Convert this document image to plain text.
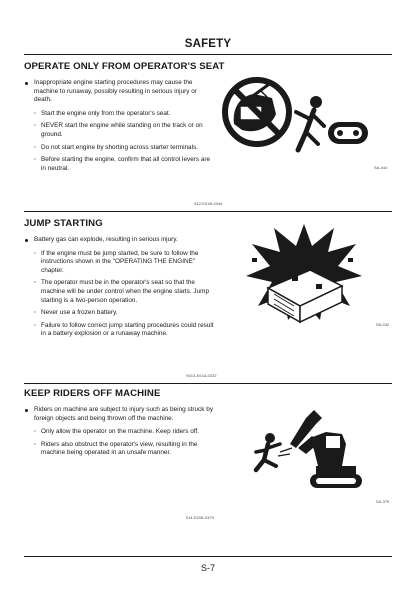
SAFETY
OPERATE ONLY FROM OPERATOR'S SEAT
Inappropriate engine starting procedures may cause the machine to runaway, possibly resulting in serious injury or death.
· Start the engine only from the operator's seat.
· NEVER start the engine while standing on the track or on ground.
· Do not start engine by shorting across starter terminals.
· Before starting the engine, confirm that all control levers are in neutral.	SA-444
S12-E01B-0444
JUMP STARTING
Battery gas can explode, resulting in serious injury.
· If the engine must be jump started, be sure to follow the instructions shown in the "OPERATING THE ENGINE" chapter.
· The operator must be in the operator's seat so that the machine will be under control when the engine starts. Jump starting is a two-person operation.
· Never use a frozen battery.
· Failure to follow correct jump starting procedures could result in a battery explosion or a runaway machine.
SA-032
S013-E01A-0032
KEEP RIDERS OFF MACHINE
Riders on machine are subject to injury such as being struck by foreign objects and being thrown off the machine.
· Only allow the operator on the machine. Keep riders off.
· Riders also obstruct the operator's view, resulting in the machine being operated in an unsafe manner.
SA-379
014-E01B-0379
S-7
